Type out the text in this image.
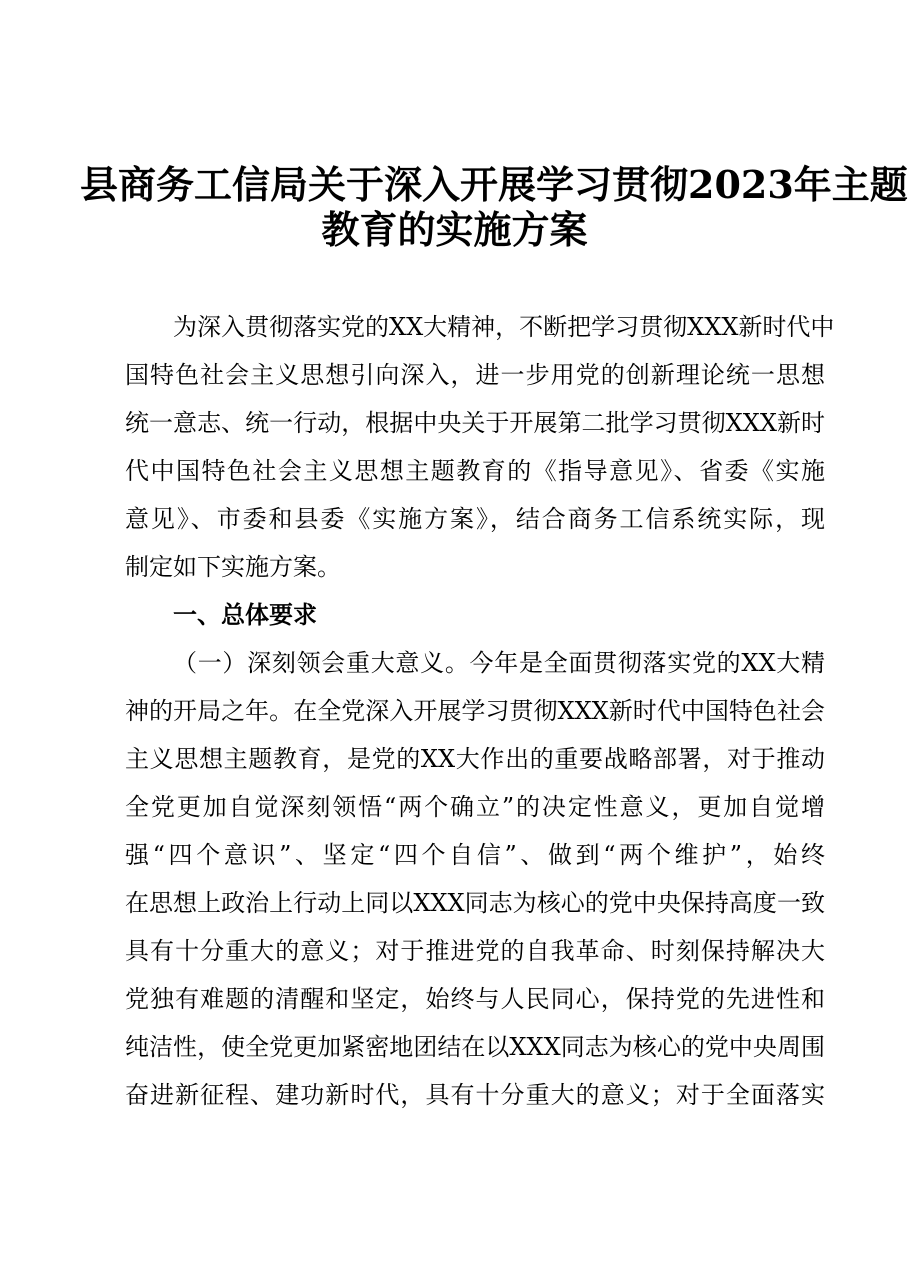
县商务工信局关于深入开展学习贯彻2023年主题
教育的实施方案
为深入贯彻落实党的XX大精神，不断把学习贯彻XXX新时代中
国特色社会主义思想引向深入，进一步用党的创新理论统一思想
统一意志、统一行动，根据中央关于开展第二批学习贯彻XXX新时
代中国特色社会主义思想主题教育的《指导意见》、省委《实施
意见》、市委和县委《实施方案》，结合商务工信系统实际，现
制定如下实施方案。
一、总体要求
（一）深刻领会重大意义。今年是全面贯彻落实党的XX大精
神的开局之年。在全党深入开展学习贯彻XXX新时代中国特色社会
主义思想主题教育，是党的XX大作出的重要战略部署，对于推动
全党更加自觉深刻领悟“两个确立”的决定性意义，更加自觉增
强“四个意识”、坚定“四个自信”、做到“两个维护”，始终
在思想上政治上行动上同以XXX同志为核心的党中央保持高度一致
具有十分重大的意义；对于推进党的自我革命、时刻保持解决大
党独有难题的清醒和坚定，始终与人民同心，保持党的先进性和
纯洁性，使全党更加紧密地团结在以XXX同志为核心的党中央周围
奋进新征程、建功新时代，具有十分重大的意义；对于全面落实
